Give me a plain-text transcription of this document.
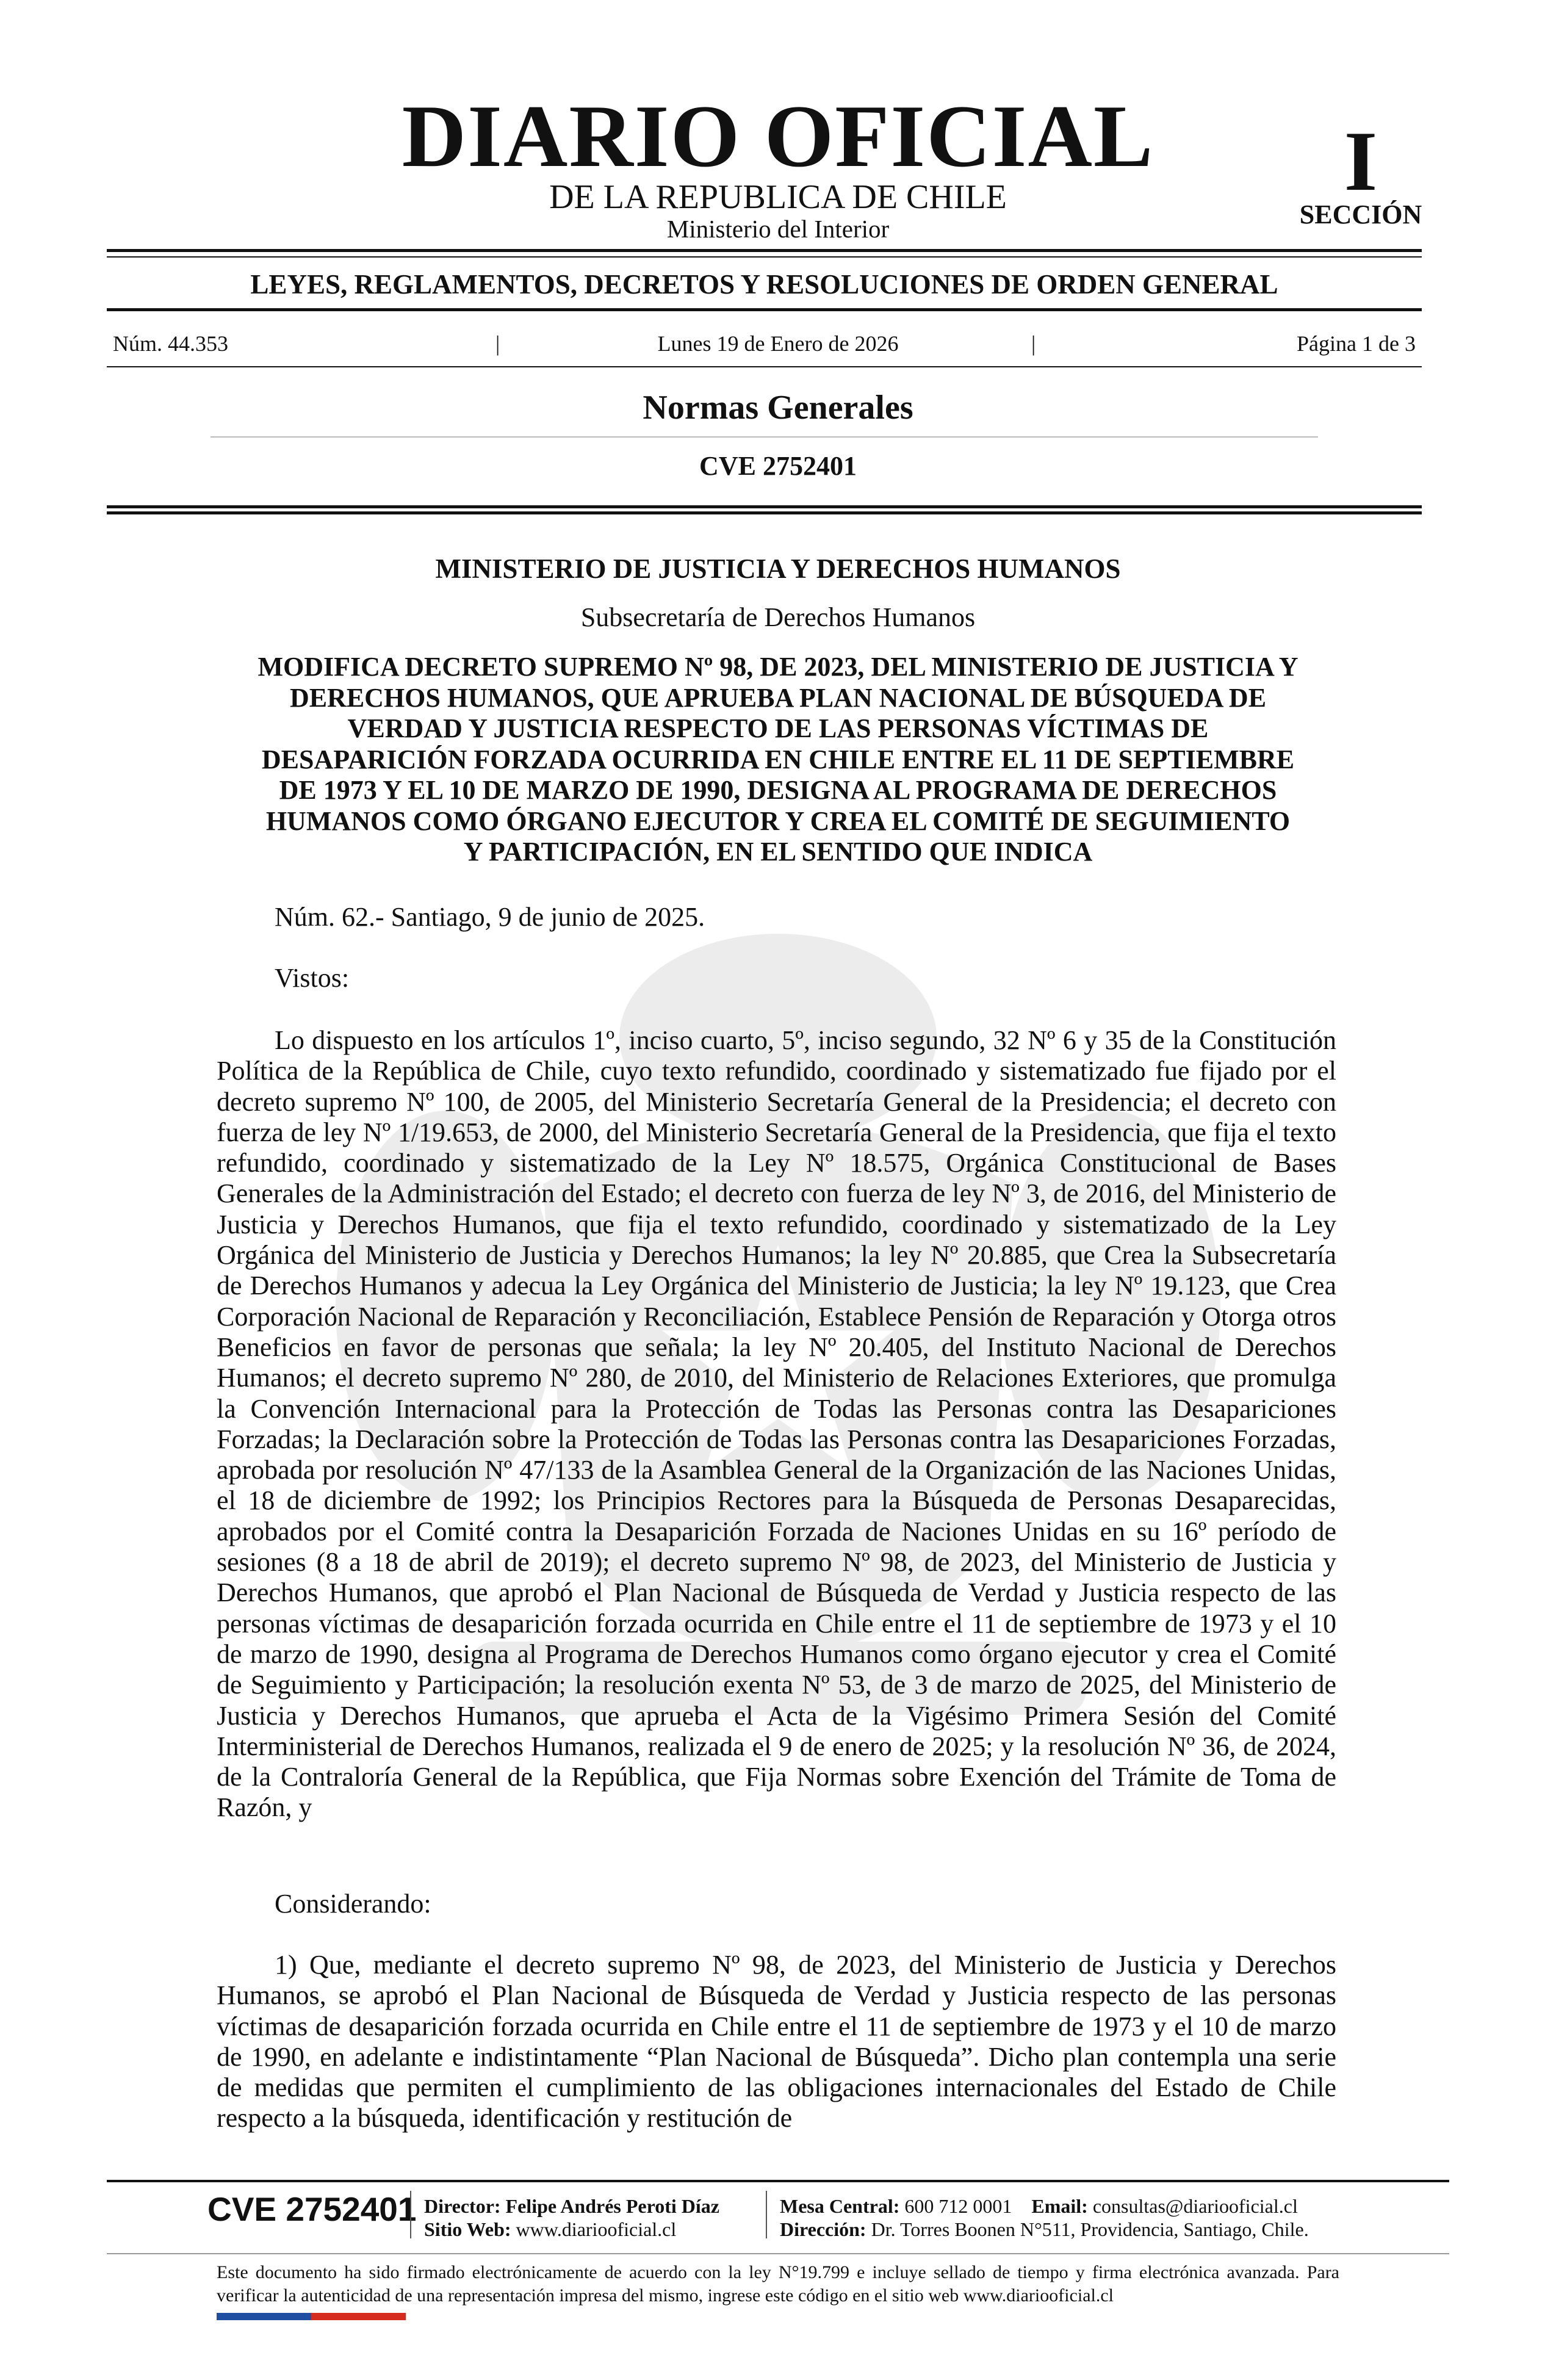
DIARIO OFICIAL
DE LA REPUBLICA DE CHILE
Ministerio del Interior
I
SECCIÓN
LEYES, REGLAMENTOS, DECRETOS Y RESOLUCIONES DE ORDEN GENERAL
Núm. 44.353	|	Lunes 19 de Enero de 2026	|	Página 1 de 3
Normas Generales
CVE 2752401
MINISTERIO DE JUSTICIA Y DERECHOS HUMANOS
Subsecretaría de Derechos Humanos
MODIFICA DECRETO SUPREMO Nº 98, DE 2023, DEL MINISTERIO DE JUSTICIA Y
DERECHOS HUMANOS, QUE APRUEBA PLAN NACIONAL DE BÚSQUEDA DE
VERDAD Y JUSTICIA RESPECTO DE LAS PERSONAS VÍCTIMAS DE
DESAPARICIÓN FORZADA OCURRIDA EN CHILE ENTRE EL 11 DE SEPTIEMBRE
DE 1973 Y EL 10 DE MARZO DE 1990, DESIGNA AL PROGRAMA DE DERECHOS
HUMANOS COMO ÓRGANO EJECUTOR Y CREA EL COMITÉ DE SEGUIMIENTO
Y PARTICIPACIÓN, EN EL SENTIDO QUE INDICA

Núm. 62.- Santiago, 9 de junio de 2025.

Vistos:

Lo dispuesto en los artículos 1º, inciso cuarto, 5º, inciso segundo, 32 Nº 6 y 35 de la Constitución Política de la República de Chile, cuyo texto refundido, coordinado y sistematizado fue fijado por el decreto supremo Nº 100, de 2005, del Ministerio Secretaría General de la Presidencia; el decreto con fuerza de ley Nº 1/19.653, de 2000, del Ministerio Secretaría General de la Presidencia, que fija el texto refundido, coordinado y sistematizado de la Ley Nº 18.575, Orgánica Constitucional de Bases Generales de la Administración del Estado; el decreto con fuerza de ley Nº 3, de 2016, del Ministerio de Justicia y Derechos Humanos, que fija el texto refundido, coordinado y sistematizado de la Ley Orgánica del Ministerio de Justicia y Derechos Humanos; la ley Nº 20.885, que Crea la Subsecretaría de Derechos Humanos y adecua la Ley Orgánica del Ministerio de Justicia; la ley Nº 19.123, que Crea Corporación Nacional de Reparación y Reconciliación, Establece Pensión de Reparación y Otorga otros Beneficios en favor de personas que señala; la ley Nº 20.405, del Instituto Nacional de Derechos Humanos; el decreto supremo Nº 280, de 2010, del Ministerio de Relaciones Exteriores, que promulga la Convención Internacional para la Protección de Todas las Personas contra las Desapariciones Forzadas; la Declaración sobre la Protección de Todas las Personas contra las Desapariciones Forzadas, aprobada por resolución Nº 47/133 de la Asamblea General de la Organización de las Naciones Unidas, el 18 de diciembre de 1992; los Principios Rectores para la Búsqueda de Personas Desaparecidas, aprobados por el Comité contra la Desaparición Forzada de Naciones Unidas en su 16º período de sesiones (8 a 18 de abril de 2019); el decreto supremo Nº 98, de 2023, del Ministerio de Justicia y Derechos Humanos, que aprobó el Plan Nacional de Búsqueda de Verdad y Justicia respecto de las personas víctimas de desaparición forzada ocurrida en Chile entre el 11 de septiembre de 1973 y el 10 de marzo de 1990, designa al Programa de Derechos Humanos como órgano ejecutor y crea el Comité de Seguimiento y Participación; la resolución exenta Nº 53, de 3 de marzo de 2025, del Ministerio de Justicia y Derechos Humanos, que aprueba el Acta de la Vigésimo Primera Sesión del Comité Interministerial de Derechos Humanos, realizada el 9 de enero de 2025; y la resolución Nº 36, de 2024, de la Contraloría General de la República, que Fija Normas sobre Exención del Trámite de Toma de Razón, y

Considerando:

1) Que, mediante el decreto supremo Nº 98, de 2023, del Ministerio de Justicia y Derechos Humanos, se aprobó el Plan Nacional de Búsqueda de Verdad y Justicia respecto de las personas víctimas de desaparición forzada ocurrida en Chile entre el 11 de septiembre de 1973 y el 10 de marzo de 1990, en adelante e indistintamente “Plan Nacional de Búsqueda”. Dicho plan contempla una serie de medidas que permiten el cumplimiento de las obligaciones internacionales del Estado de Chile respecto a la búsqueda, identificación y restitución de

CVE 2752401 Director: Felipe Andrés Peroti Díaz
Sitio Web: www.diariooficial.cl
Mesa Central: 600 712 0001 Email: consultas@diariooficial.cl
Dirección: Dr. Torres Boonen N°511, Providencia, Santiago, Chile.
Este documento ha sido firmado electrónicamente de acuerdo con la ley N°19.799 e incluye sellado de tiempo y firma electrónica avanzada. Para verificar la autenticidad de una representación impresa del mismo, ingrese este código en el sitio web www.diariooficial.cl
